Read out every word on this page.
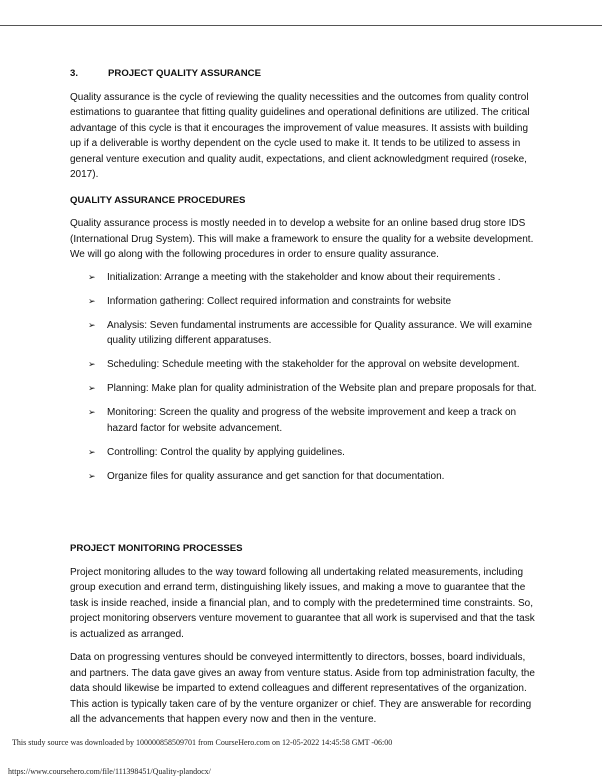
3.	PROJECT QUALITY ASSURANCE

Quality assurance is the cycle of reviewing the quality necessities and the outcomes from quality control estimations to guarantee that fitting quality guidelines and operational definitions are utilized. The critical advantage of this cycle is that it encourages the improvement of value measures. It assists with building up if a deliverable is worthy dependent on the cycle used to make it. It tends to be utilized to assess in general venture execution and quality audit, expectations, and client acknowledgment required (roseke, 2017).

QUALITY ASSURANCE PROCEDURES

Quality assurance process is mostly needed in to develop a website for an online based drug store IDS (International Drug System). This will make a framework to ensure the quality for a website development. We will go along with the following procedures in order to ensure quality assurance.

➢ Initialization: Arrange a meeting with the stakeholder and know about their requirements .
➢ Information gathering: Collect required information and constraints for website
➢ Analysis: Seven fundamental instruments are accessible for Quality assurance. We will examine quality utilizing different apparatuses.
➢ Scheduling: Schedule meeting with the stakeholder for the approval on website development.
➢ Planning: Make plan for quality administration of the Website plan and prepare proposals for that.
➢ Monitoring: Screen the quality and progress of the website improvement and keep a track on hazard factor for website advancement.
➢ Controlling: Control the quality by applying guidelines.
➢ Organize files for quality assurance and get sanction for that documentation.

PROJECT MONITORING PROCESSES

Project monitoring alludes to the way toward following all undertaking related measurements, including group execution and errand term, distinguishing likely issues, and making a move to guarantee that the task is inside reached, inside a financial plan, and to comply with the predetermined time constraints. So, project monitoring observers venture movement to guarantee that all work is supervised and that the task is actualized as arranged.

Data on progressing ventures should be conveyed intermittently to directors, bosses, board individuals, and partners. The data gave gives an away from venture status. Aside from top administration faculty, the data should likewise be imparted to extend colleagues and different representatives of the organization. This action is typically taken care of by the venture organizer or chief. They are answerable for recording all the advancements that happen every now and then in the venture.

This study source was downloaded by 100000858509701 from CourseHero.com on 12-05-2022 14:45:58 GMT -06:00
https://www.coursehero.com/file/111398451/Quality-plandocx/
